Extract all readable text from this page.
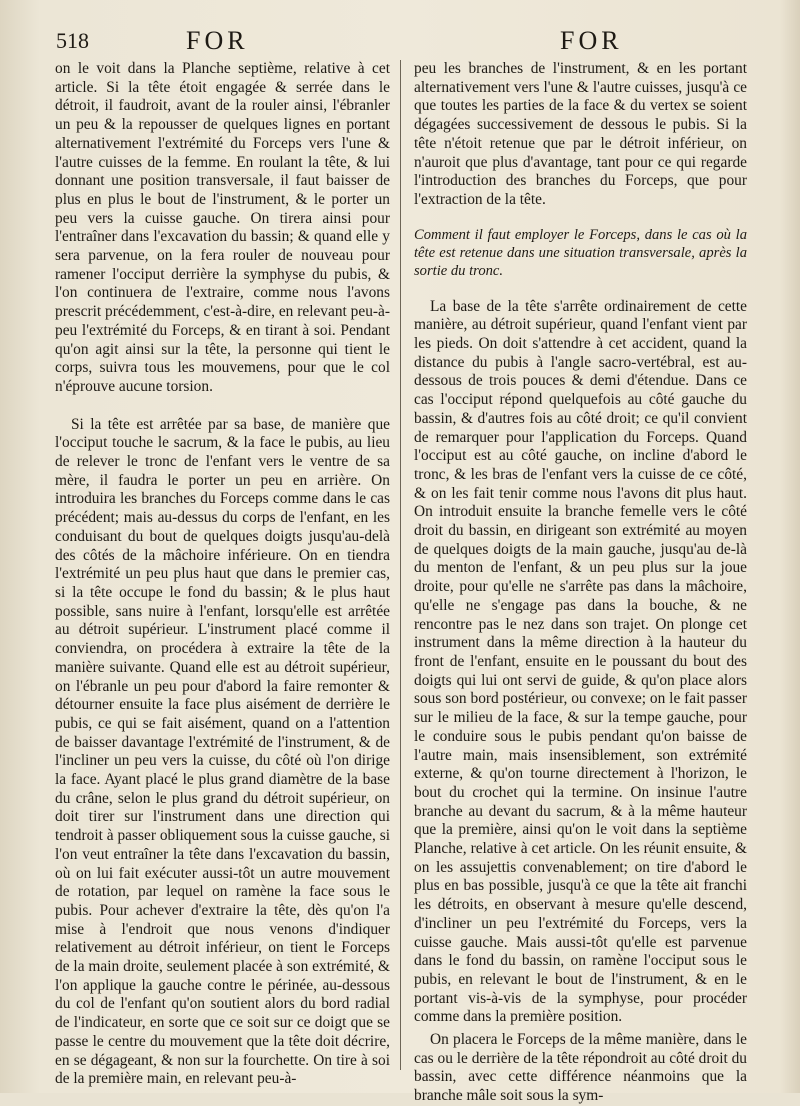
518	FOR	FOR

on le voit dans la Planche septième, relative à cet article. Si la tête étoit engagée & serrée dans le détroit, il faudroit, avant de la rouler ainsi, l'ébranler un peu & la repousser de quelques lignes en portant alternativement l'extrémité du Forceps vers l'une & l'autre cuisses de la femme. En roulant la tête, & lui donnant une position transversale, il faut baisser de plus en plus le bout de l'instrument, & le porter un peu vers la cuisse gauche. On tirera ainsi pour l'entraîner dans l'excavation du bassin; & quand elle y sera parvenue, on la fera rouler de nouveau pour ramener l'occiput derrière la symphyse du pubis, & l'on continuera de l'extraire, comme nous l'avons prescrit précédemment, c'est-à-dire, en relevant peu-à-peu l'extrémité du Forceps, & en tirant à soi. Pendant qu'on agit ainsi sur la tête, la personne qui tient le corps, suivra tous les mouvemens, pour que le col n'éprouve aucune torsion.

Si la tête est arrêtée par sa base, de manière que l'occiput touche le sacrum, & la face le pubis, au lieu de relever le tronc de l'enfant vers le ventre de sa mère, il faudra le porter un peu en arrière. On introduira les branches du Forceps comme dans le cas précédent; mais au-dessus du corps de l'enfant, en les conduisant du bout de quelques doigts jusqu'au-delà des côtés de la mâchoire inférieure. On en tiendra l'extrémité un peu plus haut que dans le premier cas, si la tête occupe le fond du bassin; & le plus haut possible, sans nuire à l'enfant, lorsqu'elle est arrêtée au détroit supérieur. L'instrument placé comme il conviendra, on procédera à extraire la tête de la manière suivante. Quand elle est au détroit supérieur, on l'ébranle un peu pour d'abord la faire remonter & détourner ensuite la face plus aisément de derrière le pubis, ce qui se fait aisément, quand on a l'attention de baisser davantage l'extrémité de l'instrument, & de l'incliner un peu vers la cuisse, du côté où l'on dirige la face. Ayant placé le plus grand diamètre de la base du crâne, selon le plus grand du détroit supérieur, on doit tirer sur l'instrument dans une direction qui tendroit à passer obliquement sous la cuisse gauche, si l'on veut entraîner la tête dans l'excavation du bassin, où on lui fait exécuter aussi-tôt un autre mouvement de rotation, par lequel on ramène la face sous le pubis. Pour achever d'extraire la tête, dès qu'on l'a mise à l'endroit que nous venons d'indiquer relativement au détroit inférieur, on tient le Forceps de la main droite, seulement placée à son extrémité, & l'on applique la gauche contre le périnée, au-dessous du col de l'enfant qu'on soutient alors du bord radial de l'indicateur, en sorte que ce soit sur ce doigt que se passe le centre du mouvement que la tête doit décrire, en se dégageant, & non sur la fourchette. On tire à soi de la première main, en relevant peu-à-

peu les branches de l'instrument, & en les portant alternativement vers l'une & l'autre cuisses, jusqu'à ce que toutes les parties de la face & du vertex se soient dégagées successivement de dessous le pubis. Si la tête n'étoit retenue que par le détroit inférieur, on n'auroit que plus d'avantage, tant pour ce qui regarde l'introduction des branches du Forceps, que pour l'extraction de la tête.

Comment il faut employer le Forceps, dans le cas où la tête est retenue dans une situation transversale, après la sortie du tronc.

La base de la tête s'arrête ordinairement de cette manière, au détroit supérieur, quand l'enfant vient par les pieds. On doit s'attendre à cet accident, quand la distance du pubis à l'angle sacro-vertébral, est au-dessous de trois pouces & demi d'étendue. Dans ce cas l'occiput répond quelquefois au côté gauche du bassin, & d'autres fois au côté droit; ce qu'il convient de remarquer pour l'application du Forceps. Quand l'occiput est au côté gauche, on incline d'abord le tronc, & les bras de l'enfant vers la cuisse de ce côté, & on les fait tenir comme nous l'avons dit plus haut. On introduit ensuite la branche femelle vers le côté droit du bassin, en dirigeant son extrémité au moyen de quelques doigts de la main gauche, jusqu'au de-là du menton de l'enfant, & un peu plus sur la joue droite, pour qu'elle ne s'arrête pas dans la mâchoire, qu'elle ne s'engage pas dans la bouche, & ne rencontre pas le nez dans son trajet. On plonge cet instrument dans la même direction à la hauteur du front de l'enfant, ensuite en le poussant du bout des doigts qui lui ont servi de guide, & qu'on place alors sous son bord postérieur, ou convexe; on le fait passer sur le milieu de la face, & sur la tempe gauche, pour le conduire sous le pubis pendant qu'on baisse de l'autre main, mais insensiblement, son extrémité externe, & qu'on tourne directement à l'horizon, le bout du crochet qui la termine. On insinue l'autre branche au devant du sacrum, & à la même hauteur que la première, ainsi qu'on le voit dans la septième Planche, relative à cet article. On les réunit ensuite, & on les assujettis convenablement; on tire d'abord le plus en bas possible, jusqu'à ce que la tête ait franchi les détroits, en observant à mesure qu'elle descend, d'incliner un peu l'extrémité du Forceps, vers la cuisse gauche. Mais aussi-tôt qu'elle est parvenue dans le fond du bassin, on ramène l'occiput sous le pubis, en relevant le bout de l'instrument, & en le portant vis-à-vis de la symphyse, pour procéder comme dans la première position.

On placera le Forceps de la même manière, dans le cas ou le derrière de la tête répondroit au côté droit du bassin, avec cette différence néanmoins que la branche mâle soit sous la sym-
